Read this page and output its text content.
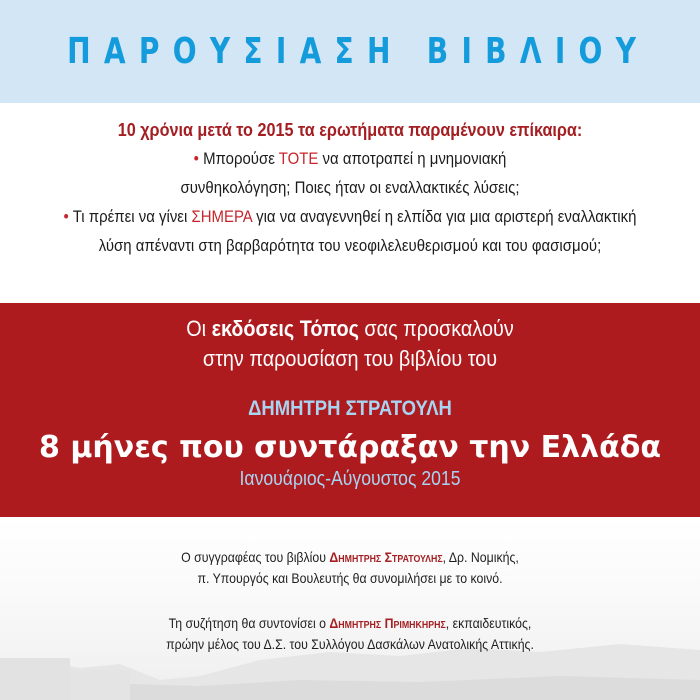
ΠΑΡΟΥΣΙΑΣΗ ΒΙΒΛΙΟΥ
10 χρόνια μετά το 2015 τα ερωτήματα παραμένουν επίκαιρα:
• Μπορούσε ΤΟΤΕ να αποτραπεί η μνημονιακή
συνθηκολόγηση; Ποιες ήταν οι εναλλακτικές λύσεις;
• Τι πρέπει να γίνει ΣΗΜΕΡΑ για να αναγεννηθεί η ελπίδα για μια αριστερή εναλλακτική
λύση απέναντι στη βαρβαρότητα του νεοφιλελευθερισμού και του φασισμού;
Οι εκδόσεις Τόπος σας προσκαλούν
στην παρουσίαση του βιβλίου του
ΔΗΜΗΤΡΗ ΣΤΡΑΤΟΥΛΗ
8 μήνες που συντάραξαν την Ελλάδα
Ιανουάριος-Αύγουστος 2015
Ο συγγραφέας του βιβλίου Δημητρης Στρατουλης, Δρ. Νομικής,
π. Υπουργός και Βουλευτής θα συνομιλήσει με το κοινό.
Τη συζήτηση θα συντονίσει ο Δημητρης Πριμηκηρης, εκπαιδευτικός,
πρώην μέλος του Δ.Σ. του Συλλόγου Δασκάλων Ανατολικής Αττικής.
